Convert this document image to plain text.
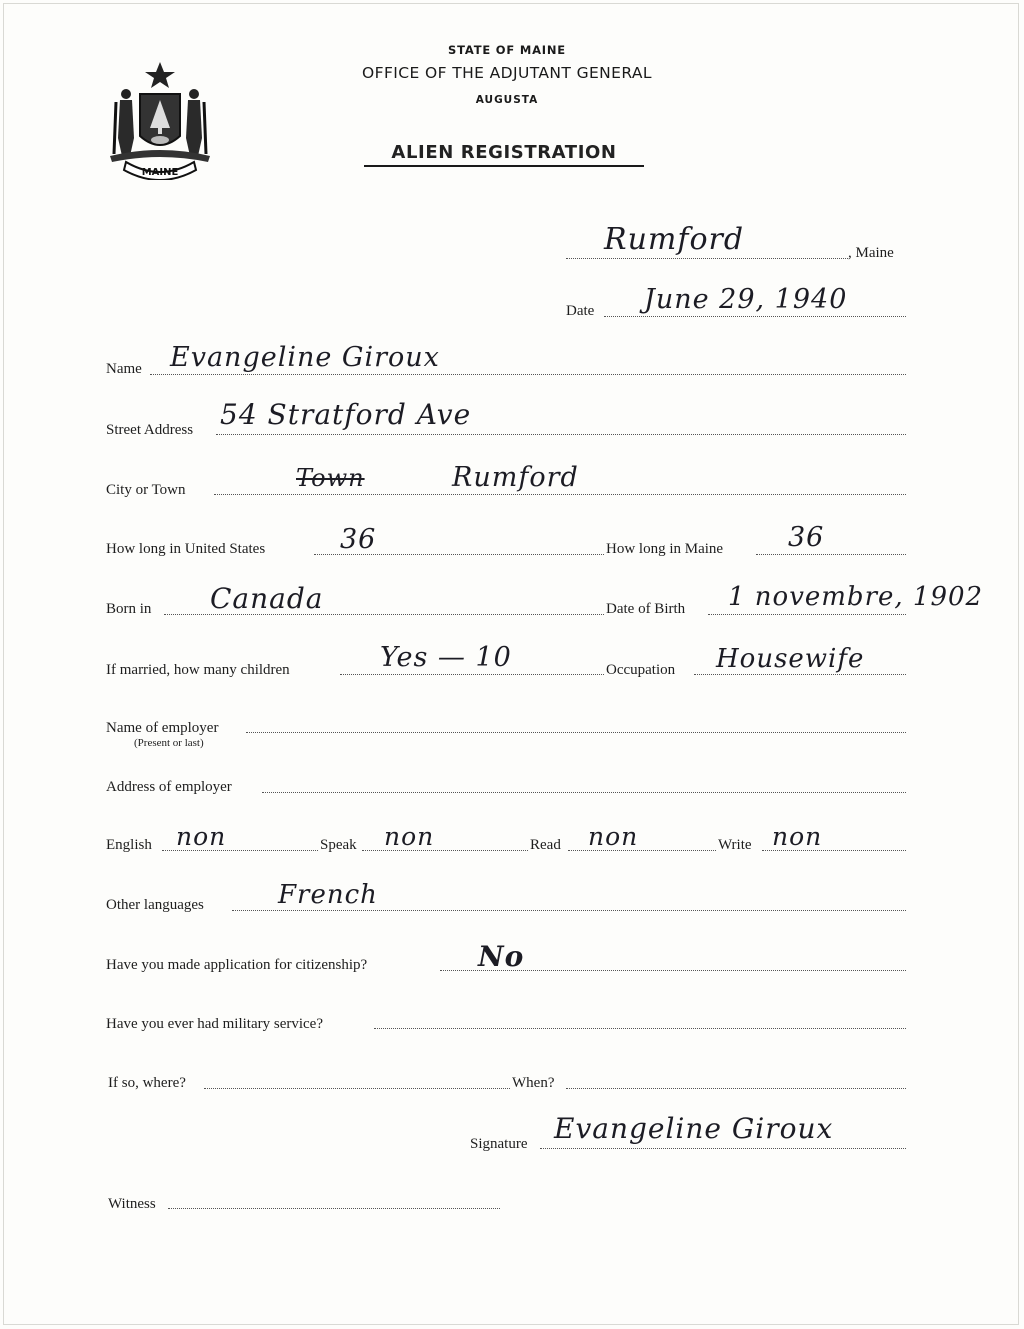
MAINE
STATE OF MAINE
OFFICE OF THE ADJUTANT GENERAL
AUGUSTA
ALIEN REGISTRATION
Rumford	, Maine
Date June 29, 1940
Name Evangeline Giroux
Street Address 54 Stratford Ave
City or Town	Town	Rumford
How long in United States	36	How long in Maine 36
Born in Canada	Date of Birth 1 novembre, 1902
If married, how many children	Yes — 10	Occupation Housewife
Name of employer
(Present or last)
Address of employer
English non	Speak non	Read non	Write non
Other languages	French
Have you made application for citizenship?	No
Have you ever had military service?
If so, where?	When?
Signature Evangeline Giroux
Witness
